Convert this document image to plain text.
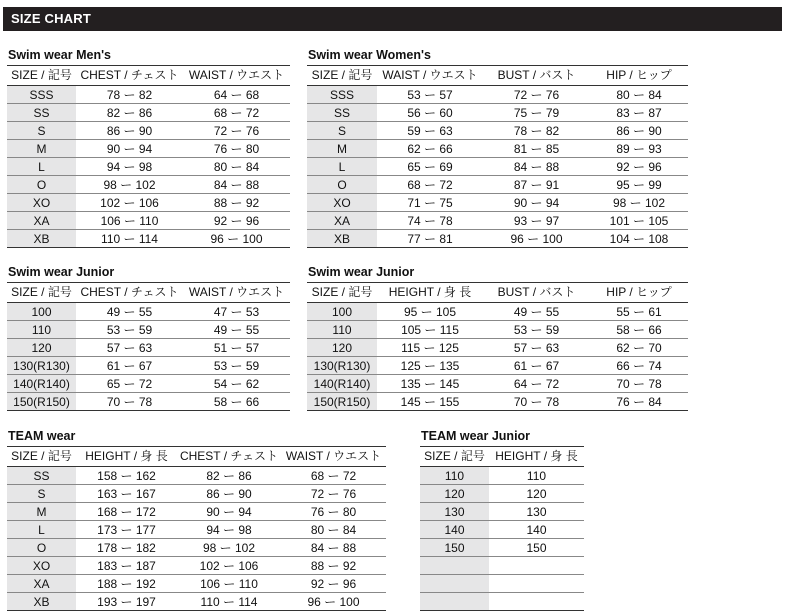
SIZE CHART
Swim wear Men's
SIZE / 記号	CHEST / チェスト	WAIST / ウエスト
SSS	78 ー 82	64 ー 68
SS	82 ー 86	68 ー 72
S	86 ー 90	72 ー 76
M	90 ー 94	76 ー 80
L	94 ー 98	80 ー 84
O	98 ー 102	84 ー 88
XO	102 ー 106	88 ー 92
XA	106 ー 110	92 ー 96
XB	110 ー 114	96 ー 100
Swim wear Women's
SIZE / 記号	WAIST / ウエスト	BUST / バスト	HIP / ヒップ
SSS	53 ー 57	72 ー 76	80 ー 84
SS	56 ー 60	75 ー 79	83 ー 87
S	59 ー 63	78 ー 82	86 ー 90
M	62 ー 66	81 ー 85	89 ー 93
L	65 ー 69	84 ー 88	92 ー 96
O	68 ー 72	87 ー 91	95 ー 99
XO	71 ー 75	90 ー 94	98 ー 102
XA	74 ー 78	93 ー 97	101 ー 105
XB	77 ー 81	96 ー 100	104 ー 108
Swim wear Junior
SIZE / 記号	CHEST / チェスト	WAIST / ウエスト
100	49 ー 55	47 ー 53
110	53 ー 59	49 ー 55
120	57 ー 63	51 ー 57
130(R130)	61 ー 67	53 ー 59
140(R140)	65 ー 72	54 ー 62
150(R150)	70 ー 78	58 ー 66
Swim wear Junior
SIZE / 記号	HEIGHT / 身 長	BUST / バスト	HIP / ヒップ
100	95 ー 105	49 ー 55	55 ー 61
110	105 ー 115	53 ー 59	58 ー 66
120	115 ー 125	57 ー 63	62 ー 70
130(R130)	125 ー 135	61 ー 67	66 ー 74
140(R140)	135 ー 145	64 ー 72	70 ー 78
150(R150)	145 ー 155	70 ー 78	76 ー 84
TEAM wear
SIZE / 記号	HEIGHT / 身 長	CHEST / チェスト	WAIST / ウエスト
SS	158 ー 162	82 ー 86	68 ー 72
S	163 ー 167	86 ー 90	72 ー 76
M	168 ー 172	90 ー 94	76 ー 80
L	173 ー 177	94 ー 98	80 ー 84
O	178 ー 182	98 ー 102	84 ー 88
XO	183 ー 187	102 ー 106	88 ー 92
XA	188 ー 192	106 ー 110	92 ー 96
XB	193 ー 197	110 ー 114	96 ー 100
TEAM wear Junior
SIZE / 記号	HEIGHT / 身 長
110	110
120	120
130	130
140	140
150	150
